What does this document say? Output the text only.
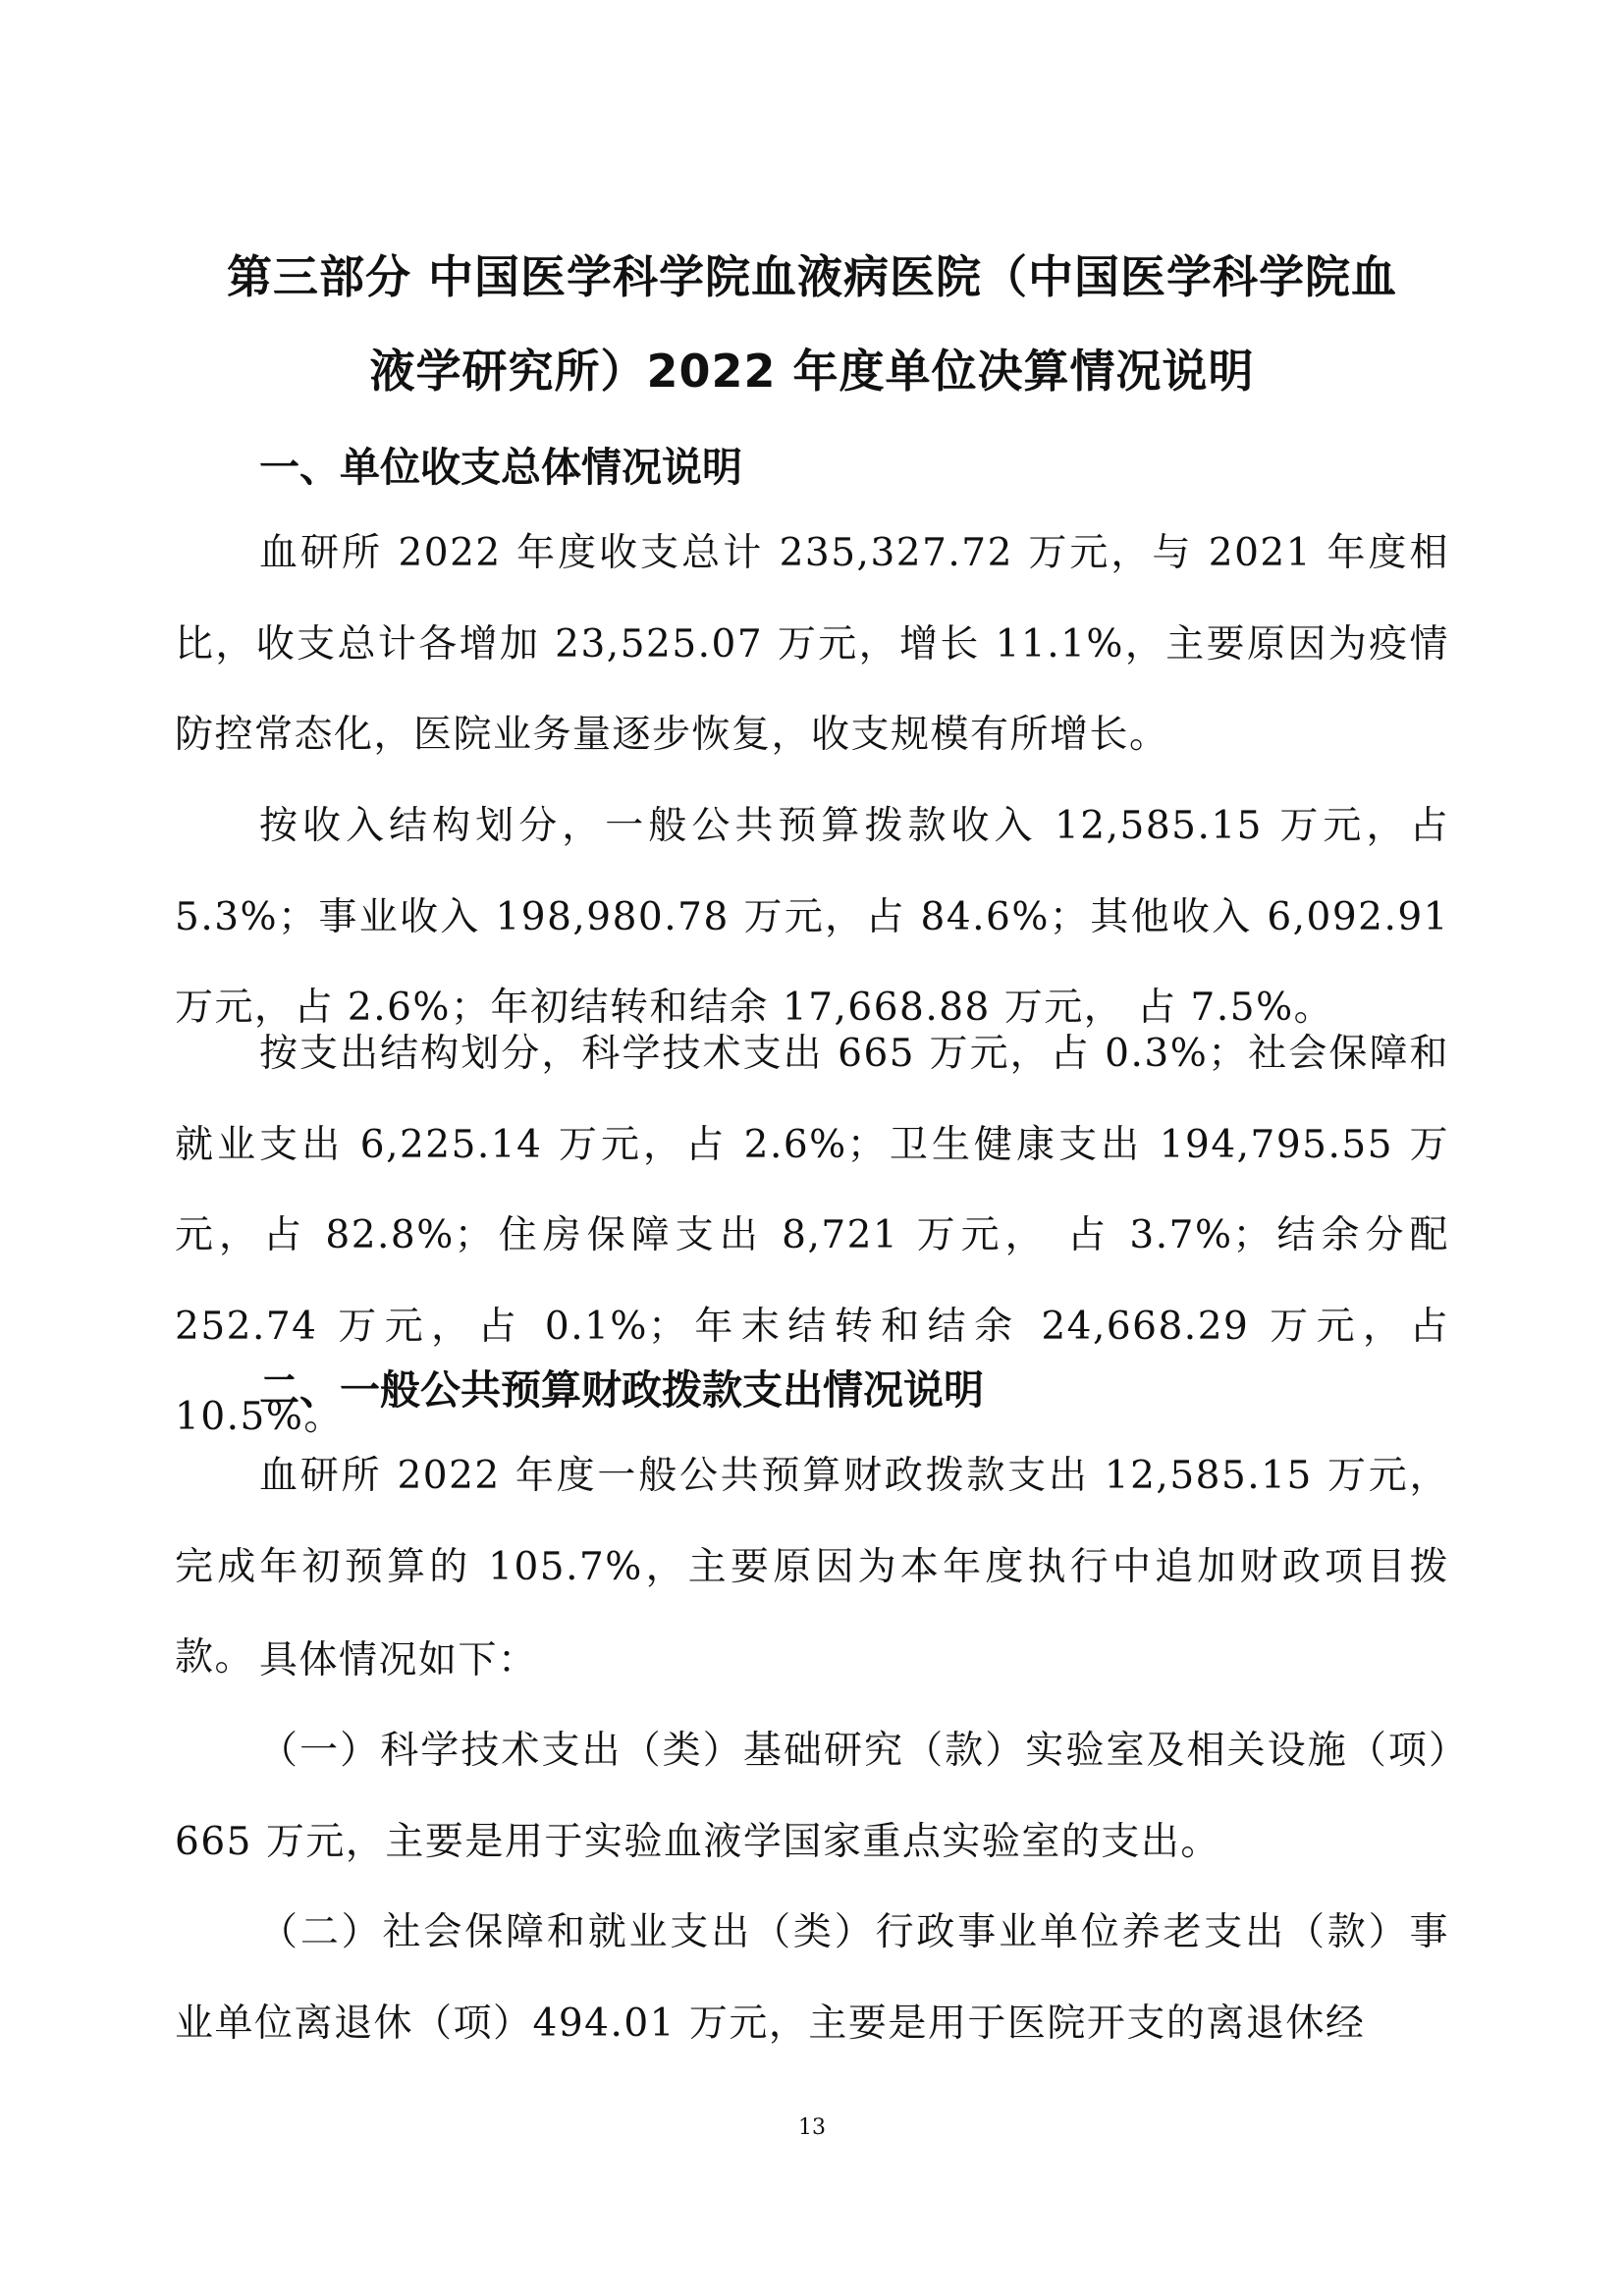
第三部分 中国医学科学院血液病医院（中国医学科学院血
液学研究所）2022 年度单位决算情况说明
一、单位收支总体情况说明

血研所 2022 年度收支总计 235,327.72 万元，与 2021 年度相比，收支总计各增加 23,525.07 万元，增长 11.1%，主要原因为疫情防控常态化，医院业务量逐步恢复，收支规模有所增长。

按收入结构划分，一般公共预算拨款收入 12,585.15 万元，占 5.3%；事业收入 198,980.78 万元，占 84.6%；其他收入 6,092.91 万元，占 2.6%；年初结转和结余 17,668.88 万元， 占 7.5%。

按支出结构划分，科学技术支出 665 万元，占 0.3%；社会保障和就业支出 6,225.14 万元，占 2.6%；卫生健康支出 194,795.55 万元，占 82.8%；住房保障支出 8,721 万元， 占 3.7%；结余分配 252.74 万元，占 0.1%；年末结转和结余 24,668.29 万元，占 10.5%。

二、一般公共预算财政拨款支出情况说明

血研所 2022 年度一般公共预算财政拨款支出 12,585.15 万元，完成年初预算的 105.7%，主要原因为本年度执行中追加财政项目拨款。 具体情况如下：

（一）科学技术支出（类）基础研究（款）实验室及相关设施（项）665 万元，主要是用于实验血液学国家重点实验室的支出。

（二）社会保障和就业支出（类）行政事业单位养老支出（款）事业单位离退休（项）494.01 万元，主要是用于医院开支的离退休经

13
